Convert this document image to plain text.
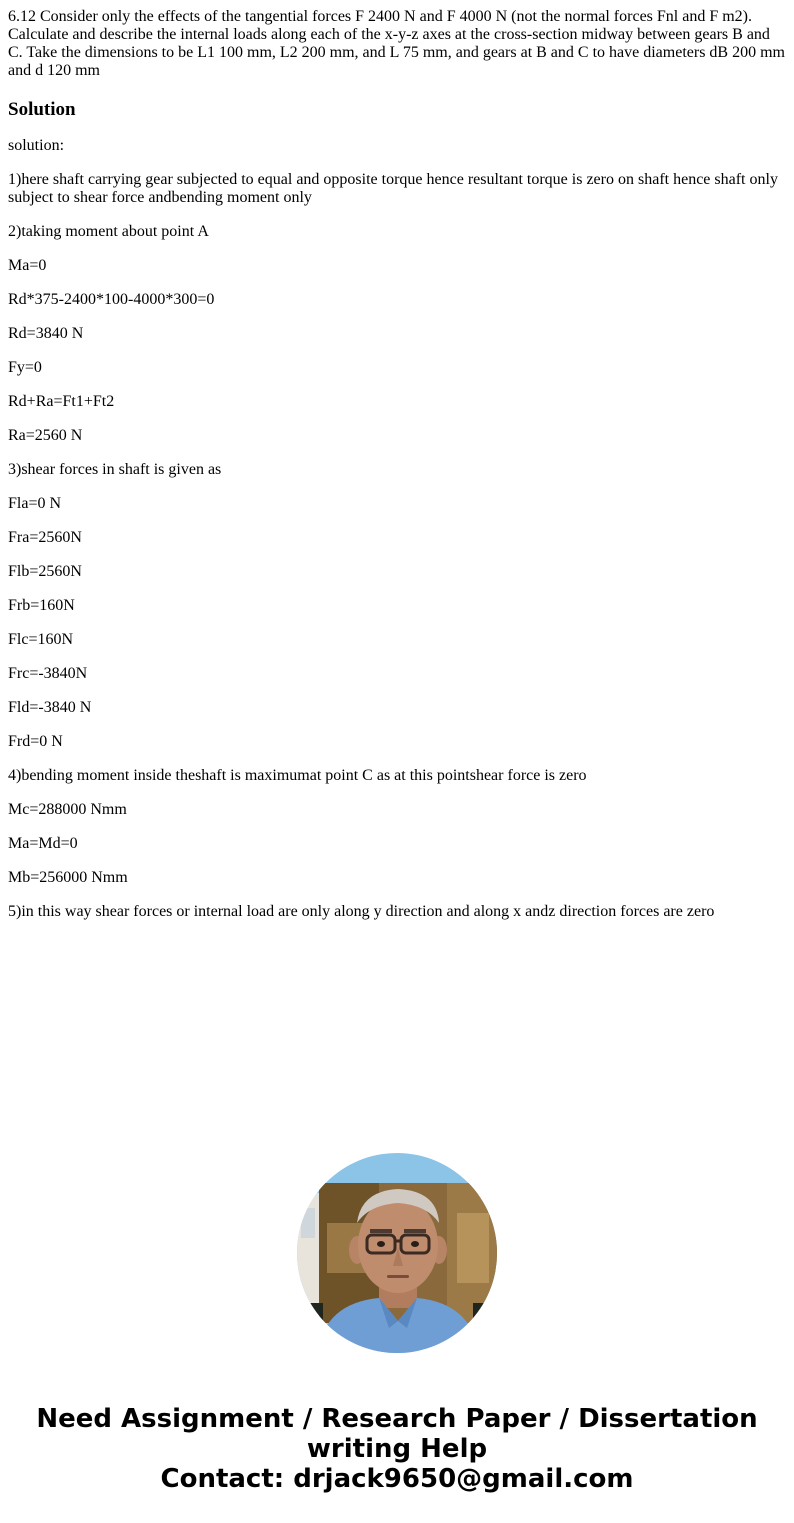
6.12 Consider only the effects of the tangential forces F 2400 N and F 4000 N (not the normal forces Fnl and F m2). Calculate and describe the internal loads along each of the x-y-z axes at the cross-section midway between gears B and C. Take the dimensions to be L1 100 mm, L2 200 mm, and L 75 mm, and gears at B and C to have diameters dB 200 mm and d 120 mm

Solution

solution:

1)here shaft carrying gear subjected to equal and opposite torque hence resultant torque is zero on shaft hence shaft only subject to shear force andbending moment only

2)taking moment about point A

Ma=0

Rd*375-2400*100-4000*300=0

Rd=3840 N

Fy=0

Rd+Ra=Ft1+Ft2

Ra=2560 N

3)shear forces in shaft is given as

Fla=0 N

Fra=2560N

Flb=2560N

Frb=160N

Flc=160N

Frc=-3840N

Fld=-3840 N

Frd=0 N

4)bending moment inside theshaft is maximumat point C as at this pointshear force is zero

Mc=288000 Nmm

Ma=Md=0

Mb=256000 Nmm

5)in this way shear forces or internal load are only along y direction and along x andz direction forces are zero

Need Assignment / Research Paper / Dissertation
writing Help
Contact: drjack9650@gmail.com
